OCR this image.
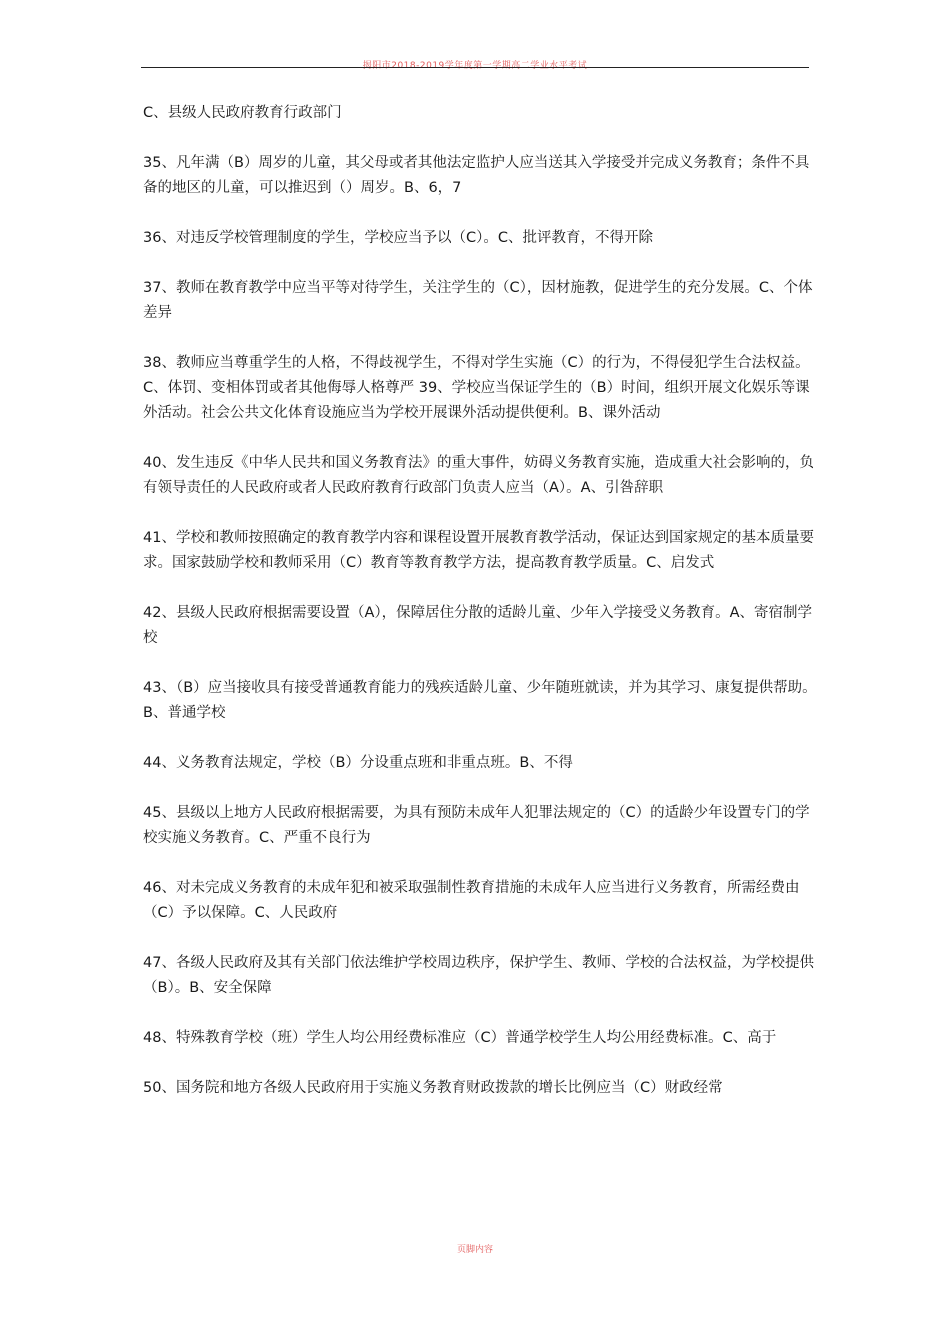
揭阳市2018-2019学年度第一学期高二学业水平考试

C、县级人民政府教育行政部门

35、凡年满（B）周岁的儿童，其父母或者其他法定监护人应当送其入学接受并完成义务教育；条件不具备的地区的儿童，可以推迟到（）周岁。B、6，7

36、对违反学校管理制度的学生，学校应当予以（C）。C、批评教育，不得开除

37、教师在教育教学中应当平等对待学生，关注学生的（C），因材施教，促进学生的充分发展。C、个体差异

38、教师应当尊重学生的人格，不得歧视学生，不得对学生实施（C）的行为，不得侵犯学生合法权益。C、体罚、变相体罚或者其他侮辱人格尊严 39、学校应当保证学生的（B）时间，组织开展文化娱乐等课外活动。社会公共文化体育设施应当为学校开展课外活动提供便利。B、课外活动

40、发生违反《中华人民共和国义务教育法》的重大事件，妨碍义务教育实施，造成重大社会影响的，负有领导责任的人民政府或者人民政府教育行政部门负责人应当（A）。A、引咎辞职

41、学校和教师按照确定的教育教学内容和课程设置开展教育教学活动，保证达到国家规定的基本质量要求。国家鼓励学校和教师采用（C）教育等教育教学方法，提高教育教学质量。C、启发式

42、县级人民政府根据需要设置（A），保障居住分散的适龄儿童、少年入学接受义务教育。A、寄宿制学校

43、（B）应当接收具有接受普通教育能力的残疾适龄儿童、少年随班就读，并为其学习、康复提供帮助。B、普通学校

44、义务教育法规定，学校（B）分设重点班和非重点班。B、不得

45、县级以上地方人民政府根据需要，为具有预防未成年人犯罪法规定的（C）的适龄少年设置专门的学校实施义务教育。C、严重不良行为

46、对未完成义务教育的未成年犯和被采取强制性教育措施的未成年人应当进行义务教育，所需经费由（C）予以保障。C、人民政府

47、各级人民政府及其有关部门依法维护学校周边秩序，保护学生、教师、学校的合法权益，为学校提供（B）。B、安全保障

48、特殊教育学校（班）学生人均公用经费标准应（C）普通学校学生人均公用经费标准。C、高于

50、国务院和地方各级人民政府用于实施义务教育财政拨款的增长比例应当（C）财政经常

页脚内容
